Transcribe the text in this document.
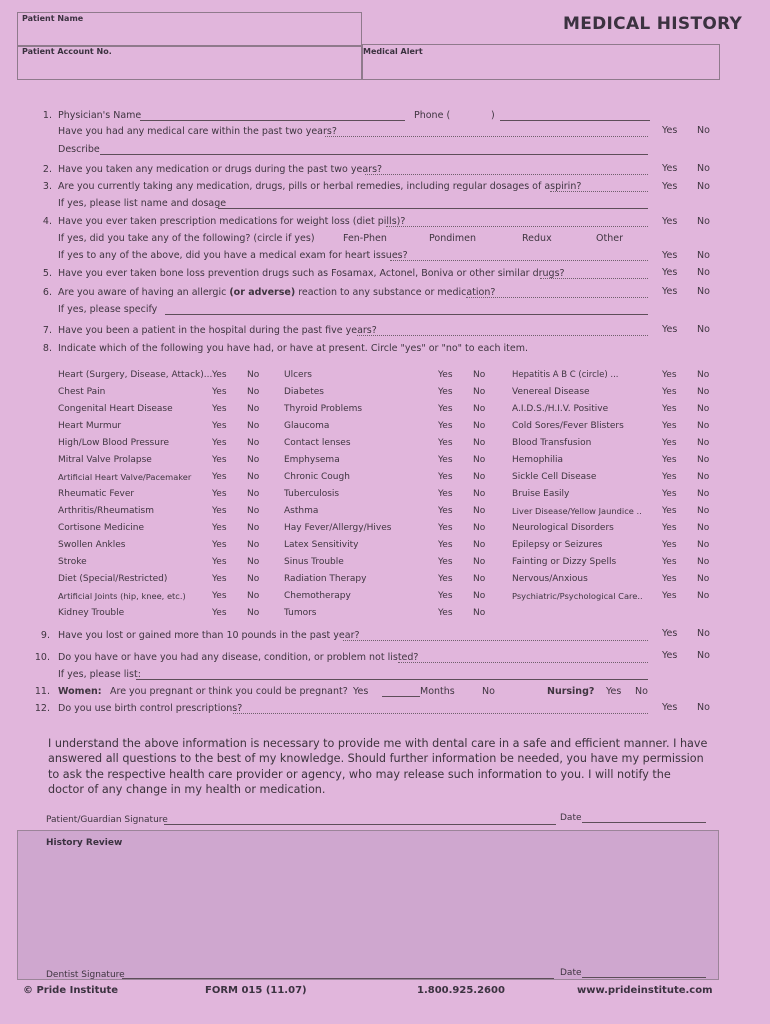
Patient Name
Patient Account No.	Medical Alert
MEDICAL HISTORY
1. Physician's Name	Phone (	)
Have you had any medical care within the past two years?	Yes No
Describe
2. Have you taken any medication or drugs during the past two years?	Yes No
3. Are you currently taking any medication, drugs, pills or herbal remedies, including regular dosages of aspirin?	Yes No
If yes, please list name and dosage
4. Have you ever taken prescription medications for weight loss (diet pills)?	Yes No
If yes, did you take any of the following? (circle if yes)	Fen-Phen	Pondimen	Redux	Other
If yes to any of the above, did you have a medical exam for heart issues?	Yes No
5. Have you ever taken bone loss prevention drugs such as Fosamax, Actonel, Boniva or other similar drugs?	Yes No
6. Are you aware of having an allergic (or adverse) reaction to any substance or medication?	Yes No
If yes, please specify
7. Have you been a patient in the hospital during the past five years?	Yes No
8. Indicate which of the following you have had, or have at present. Circle "yes" or "no" to each item.
Heart (Surgery, Disease, Attack)... Yes No
Chest Pain	Yes No
Congenital Heart Disease	Yes No
Heart Murmur	Yes No
High/Low Blood Pressure	Yes No
Mitral Valve Prolapse	Yes No
Artificial Heart Valve/Pacemaker Yes No
Rheumatic Fever	Yes No
Arthritis/Rheumatism	Yes No
Cortisone Medicine	Yes No
Swollen Ankles	Yes No
Stroke	Yes No
Diet (Special/Restricted)	Yes No
Artificial Joints (hip, knee, etc.)	Yes No
Kidney Trouble	Yes No
Ulcers	Yes No
Diabetes	Yes No
Thyroid Problems	Yes No
Glaucoma	Yes No
Contact lenses	Yes No
Emphysema	Yes No
Chronic Cough	Yes No
Tuberculosis	Yes No
Asthma	Yes No
Hay Fever/Allergy/Hives	Yes No
Latex Sensitivity	Yes No
Sinus Trouble	Yes No
Radiation Therapy	Yes No
Chemotherapy	Yes No
Tumors	Yes No
Hepatitis A B C (circle) ...	Yes No
Venereal Disease	Yes No
A.I.D.S./H.I.V. Positive	Yes No
Cold Sores/Fever Blisters	Yes No
Blood Transfusion	Yes No
Hemophilia	Yes No
Sickle Cell Disease	Yes No
Bruise Easily	Yes No
Liver Disease/Yellow Jaundice .. Yes No
Neurological Disorders	Yes No
Epilepsy or Seizures	Yes No
Fainting or Dizzy Spells	Yes No
Nervous/Anxious	Yes No
Psychiatric/Psychological Care.. Yes No
9. Have you lost or gained more than 10 pounds in the past year?	Yes No
10. Do you have or have you had any disease, condition, or problem not listed?	Yes No
If yes, please list:
11. Women: Are you pregnant or think you could be pregnant? Yes	Months	No	Nursing? Yes No
12. Do you use birth control prescriptions?	Yes No

I understand the above information is necessary to provide me with dental care in a safe and efficient manner. I have answered all questions to the best of my knowledge. Should further information be needed, you have my permission to ask the respective health care provider or agency, who may release such information to you. I will notify the doctor of any change in my health or medication.

Patient/Guardian Signature	Date
History Review
Dentist Signature	Date
© Pride Institute	FORM 015 (11.07)	1.800.925.2600	www.prideinstitute.com
